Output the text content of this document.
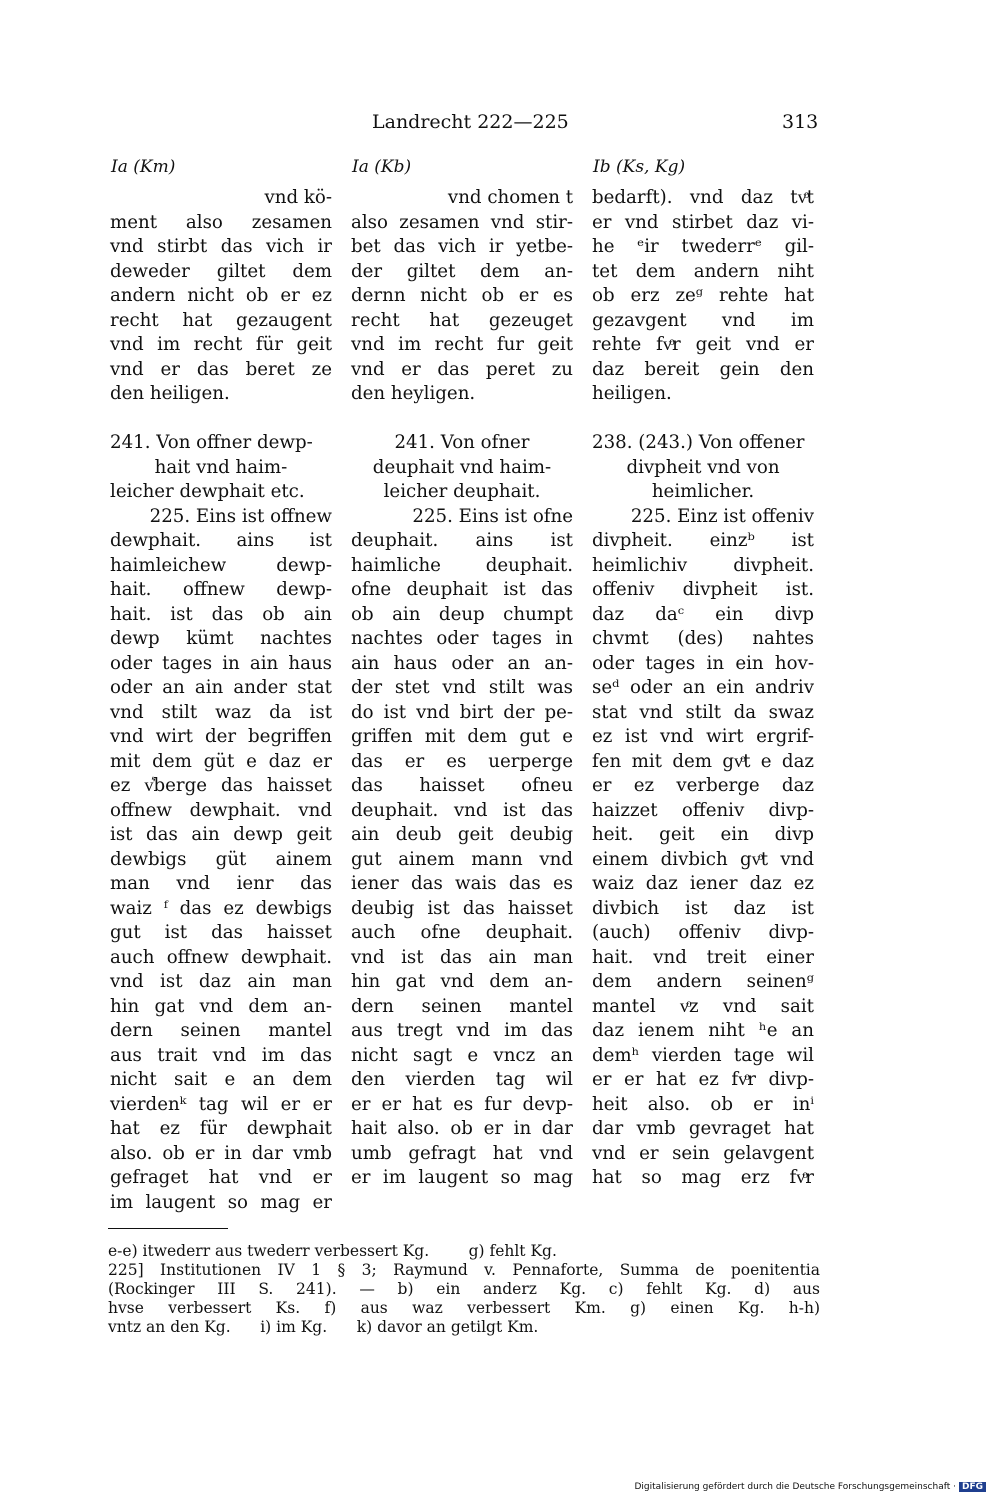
Landrecht 222—225	313
Ia (Km)	Ia (Kb)	Ib (Ks, Kg)
vnd kö-
ment also zesamen
vnd stirbt das vich ir
deweder giltet dem
andern nicht ob er ez
recht hat gezaugent
vnd im recht für geit
vnd er das beret ze
den heiligen.
241. Von offner dewp-
hait vnd haim-
leicher dewphait etc.
225. Eins ist offnew
dewphait. ains ist
haimleichew dewp-
hait. offnew dewp-
hait. ist das ob ain
dewp kümt nachtes
oder tages in ain haus
oder an ain ander stat
vnd stilt waz da ist
vnd wirt der begriffen
mit dem güt e daz er
ez v͛berge das haisset
offnew dewphait. vnd
ist das ain dewp geit
dewbigs güt ainem
man vnd ienr das
waiz ᶠ das ez dewbigs
gut ist das haisset
auch offnew dewphait.
vnd ist daz ain man
hin gat vnd dem an-
dern seinen mantel
aus trait vnd im das
nicht sait e an dem
vierdenᵏ tag wil er er
hat ez für dewphait
also. ob er in dar vmb
gefraget hat vnd er
im laugent so mag er
vnd chomen t
also zesamen vnd stir-
bet das vich ir yetbe-
der giltet dem an-
dernn nicht ob er es
recht hat gezeuget
vnd im recht fur geit
vnd er das peret zu
den heyligen.
241. Von ofner
deuphait vnd haim-
leicher deuphait.
225. Eins ist ofne
deuphait. ains ist
haimliche deuphait.
ofne deuphait ist das
ob ain deup chumpt
nachtes oder tages in
ain haus oder an an-
der stet vnd stilt was
do ist vnd birt der pe-
griffen mit dem gut e
das er es uerperge
das haisset ofneu
deuphait. vnd ist das
ain deub geit deubig
gut ainem mann vnd
iener das wais das es
deubig ist das haisset
auch ofne deuphait.
vnd ist das ain man
hin gat vnd dem an-
dern seinen mantel
aus tregt vnd im das
nicht sagt e vncz an
den vierden tag wil
er er hat es fur devp-
hait also. ob er in dar
umb gefragt hat vnd
er im laugent so mag
bedarft). vnd daz tvͦt
er vnd stirbet daz vi-
he ᵉir twederrᵉ gil-
tet dem andern niht
ob erz zeᵍ rehte hat
gezavgent vnd im
rehte fvͦr geit vnd er
daz bereit gein den
heiligen.
238. (243.) Von offener
divpheit vnd von
heimlicher.
225. Einz ist offeniv
divpheit. einzᵇ ist
heimlichiv divpheit.
offeniv divpheit ist.
daz daᶜ ein divp
chvmt (des) nahtes
oder tages in ein hov-
seᵈ oder an ein andriv
stat vnd stilt da swaz
ez ist vnd wirt ergrif-
fen mit dem gvͦt e daz
er ez verberge daz
haizzet offeniv divp-
heit. geit ein divp
einem divbich gvͦt vnd
waiz daz iener daz ez
divbich ist daz ist
(auch) offeniv divp-
hait. vnd treit einer
dem andern seinenᵍ
mantel vͦz vnd sait
daz ienem niht ʰe an
demʰ vierden tage wil
er er hat ez fvͦr divp-
heit also. ob er inⁱ
dar vmb gevraget hat
vnd er sein gelavgent
hat so mag erz fvͦr
e-e) itwederr aus twederr verbessert Kg.        g) fehlt Kg.
225] Institutionen IV 1 § 3; Raymund v. Pennaforte, Summa de poenitentia
(Rockinger III S. 241). — b) ein anderz Kg. c) fehlt Kg. d) aus
hvse verbessert Ks. f) aus waz verbessert Km. g) einen Kg. h-h)
vntz an den Kg.      i) im Kg.      k) davor an getilgt Km.
Digitalisierung gefördert durch die Deutsche Forschungsgemeinschaft · DFG
